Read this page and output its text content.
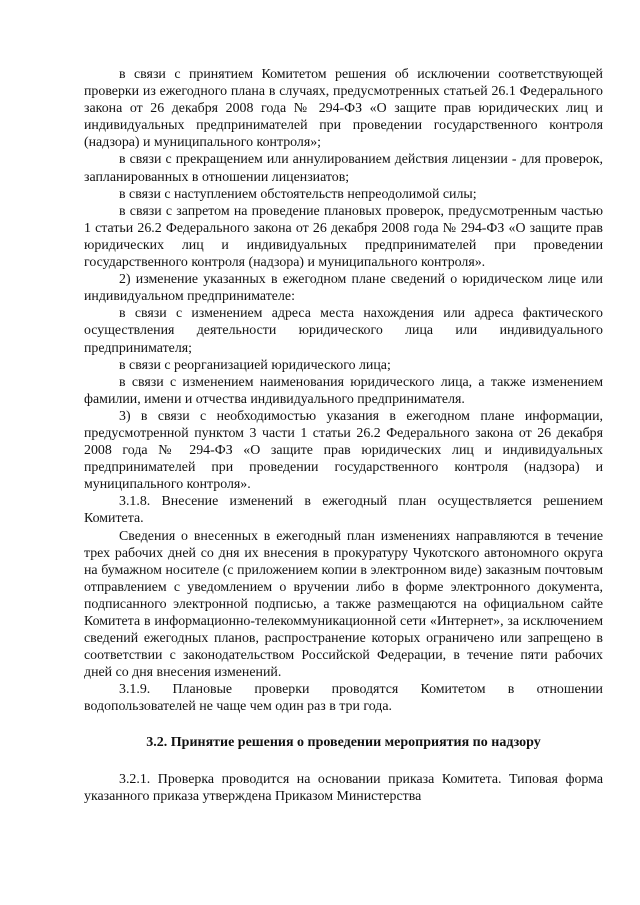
в связи с принятием Комитетом решения об исключении соответствующей проверки из ежегодного плана в случаях, предусмотренных статьей 26.1 Федерального закона от 26 декабря 2008 года № 294-ФЗ «О защите прав юридических лиц и индивидуальных предпринимателей при проведении государственного контроля (надзора) и муниципального контроля»;

в связи с прекращением или аннулированием действия лицензии - для проверок, запланированных в отношении лицензиатов;

в связи с наступлением обстоятельств непреодолимой силы;

в связи с запретом на проведение плановых проверок, предусмотренным частью 1 статьи 26.2 Федерального закона от 26 декабря 2008 года № 294-ФЗ «О защите прав юридических лиц и индивидуальных предпринимателей при проведении государственного контроля (надзора) и муниципального контроля».

2) изменение указанных в ежегодном плане сведений о юридическом лице или индивидуальном предпринимателе:

в связи с изменением адреса места нахождения или адреса фактического осуществления деятельности юридического лица или индивидуального предпринимателя;

в связи с реорганизацией юридического лица;

в связи с изменением наименования юридического лица, а также изменением фамилии, имени и отчества индивидуального предпринимателя.

3) в связи с необходимостью указания в ежегодном плане информации, предусмотренной пунктом 3 части 1 статьи 26.2 Федерального закона от 26 декабря 2008 года № 294-ФЗ «О защите прав юридических лиц и индивидуальных предпринимателей при проведении государственного контроля (надзора) и муниципального контроля».

3.1.8. Внесение изменений в ежегодный план осуществляется решением Комитета.

Сведения о внесенных в ежегодный план изменениях направляются в течение трех рабочих дней со дня их внесения в прокуратуру Чукотского автономного округа на бумажном носителе (с приложением копии в электронном виде) заказным почтовым отправлением с уведомлением о вручении либо в форме электронного документа, подписанного электронной подписью, а также размещаются на официальном сайте Комитета в информационно-телекоммуникационной сети «Интернет», за исключением сведений ежегодных планов, распространение которых ограничено или запрещено в соответствии с законодательством Российской Федерации, в течение пяти рабочих дней со дня внесения изменений.

3.1.9. Плановые проверки проводятся Комитетом в отношении водопользователей не чаще чем один раз в три года.

3.2. Принятие решения о проведении мероприятия по надзору

3.2.1. Проверка проводится на основании приказа Комитета. Типовая форма указанного приказа утверждена Приказом Министерства
